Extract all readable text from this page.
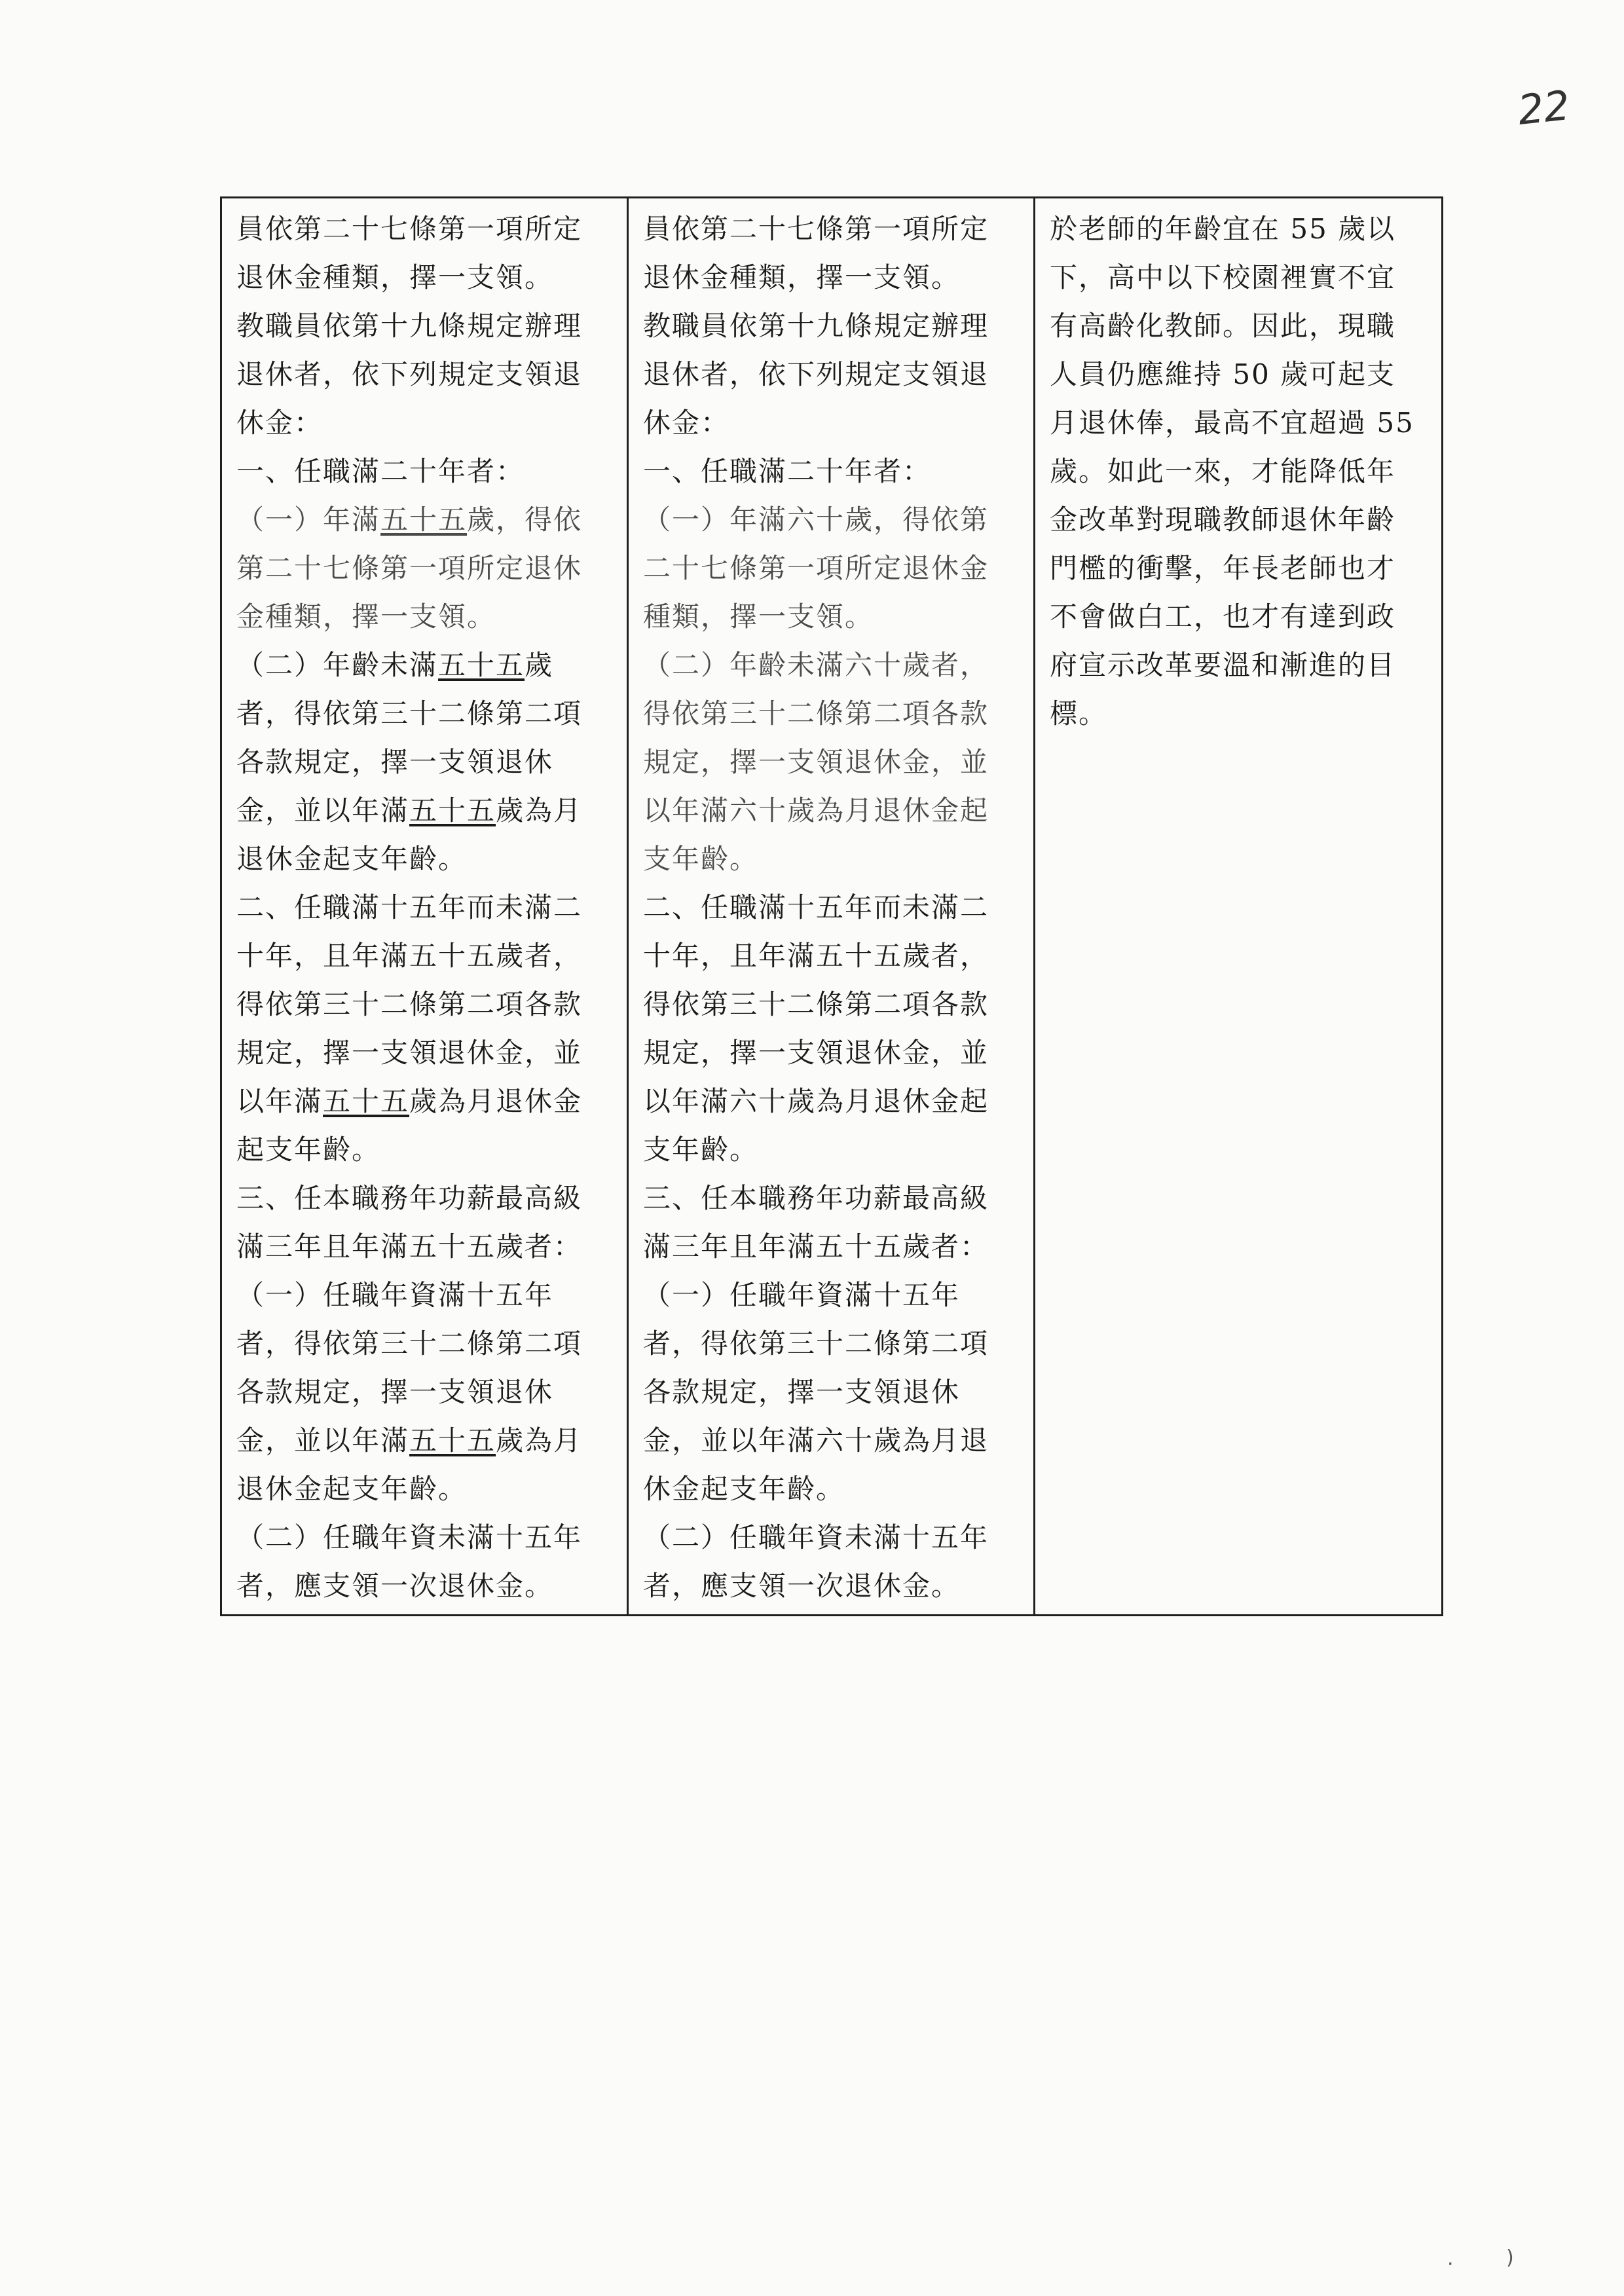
22
員依第二十七條第一項所定退休金種類，擇一支領。
教職員依第十九條規定辦理退休者，依下列規定支領退休金：
一、任職滿二十年者：
（一）年滿五十五歲，得依第二十七條第一項所定退休金種類，擇一支領。
（二）年齡未滿五十五歲者，得依第三十二條第二項各款規定，擇一支領退休金，並以年滿五十五歲為月退休金起支年齡。
二、任職滿十五年而未滿二十年，且年滿五十五歲者，得依第三十二條第二項各款規定，擇一支領退休金，並以年滿五十五歲為月退休金起支年齡。
三、任本職務年功薪最高級滿三年且年滿五十五歲者：
（一）任職年資滿十五年者，得依第三十二條第二項各款規定，擇一支領退休金，並以年滿五十五歲為月退休金起支年齡。
（二）任職年資未滿十五年者，應支領一次退休金。

員依第二十七條第一項所定退休金種類，擇一支領。
教職員依第十九條規定辦理退休者，依下列規定支領退休金：
一、任職滿二十年者：
（一）年滿六十歲，得依第二十七條第一項所定退休金種類，擇一支領。
（二）年齡未滿六十歲者，得依第三十二條第二項各款規定，擇一支領退休金，並以年滿六十歲為月退休金起支年齡。
二、任職滿十五年而未滿二十年，且年滿五十五歲者，得依第三十二條第二項各款規定，擇一支領退休金，並以年滿六十歲為月退休金起支年齡。
三、任本職務年功薪最高級滿三年且年滿五十五歲者：
（一）任職年資滿十五年者，得依第三十二條第二項各款規定，擇一支領退休金，並以年滿六十歲為月退休金起支年齡。
（二）任職年資未滿十五年者，應支領一次退休金。

於老師的年齡宜在 55 歲以
下，高中以下校園裡實不宜
有高齡化教師。因此，現職
人員仍應維持 50 歲可起支
月退休俸，最高不宜超過 55
歲。如此一來，才能降低年
金改革對現職教師退休年齡
門檻的衝擊，年長老師也才
不會做白工，也才有達到政
府宣示改革要溫和漸進的目
標。
·	)
